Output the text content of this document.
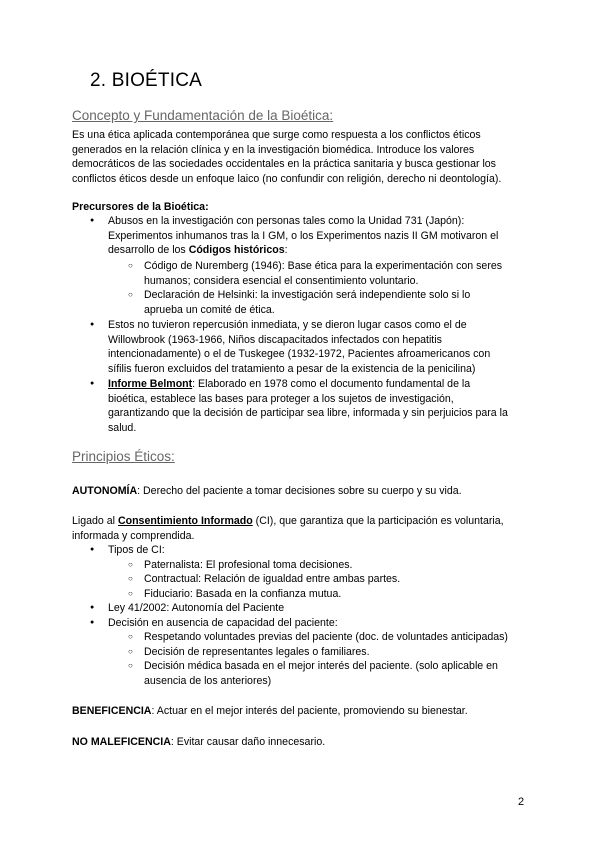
2. BIOÉTICA
Concepto y Fundamentación de la Bioética:
Es una ética aplicada contemporánea que surge como respuesta a los conflictos éticos
generados en la relación clínica y en la investigación biomédica. Introduce los valores
democráticos de las sociedades occidentales en la práctica sanitaria y busca gestionar los
conflictos éticos desde un enfoque laico (no confundir con religión, derecho ni deontología).
Precursores de la Bioética:
● Abusos en la investigación con personas tales como la Unidad 731 (Japón):
Experimentos inhumanos tras la I GM, o los Experimentos nazis II GM motivaron el
desarrollo de los Códigos históricos:
○ Código de Nuremberg (1946): Base ética para la experimentación con seres
humanos; considera esencial el consentimiento voluntario.
○ Declaración de Helsinki: la investigación será independiente solo si lo
aprueba un comité de ética.
● Estos no tuvieron repercusión inmediata, y se dieron lugar casos como el de
Willowbrook (1963-1966, Niños discapacitados infectados con hepatitis
intencionadamente) o el de Tuskegee (1932-1972, Pacientes afroamericanos con
sífilis fueron excluidos del tratamiento a pesar de la existencia de la penicilina)
● Informe Belmont: Elaborado en 1978 como el documento fundamental de la
bioética, establece las bases para proteger a los sujetos de investigación,
garantizando que la decisión de participar sea libre, informada y sin perjuicios para la
salud.
Principios Éticos:
AUTONOMÍA: Derecho del paciente a tomar decisiones sobre su cuerpo y su vida.
Ligado al Consentimiento Informado (CI), que garantiza que la participación es voluntaria,
informada y comprendida.
● Tipos de CI:
○ Paternalista: El profesional toma decisiones.
○ Contractual: Relación de igualdad entre ambas partes.
○ Fiduciario: Basada en la confianza mutua.
● Ley 41/2002: Autonomía del Paciente
● Decisión en ausencia de capacidad del paciente:
○ Respetando voluntades previas del paciente (doc. de voluntades anticipadas)
○ Decisión de representantes legales o familiares.
○ Decisión médica basada en el mejor interés del paciente. (solo aplicable en
ausencia de los anteriores)
BENEFICENCIA: Actuar en el mejor interés del paciente, promoviendo su bienestar.
NO MALEFICENCIA: Evitar causar daño innecesario.
2
